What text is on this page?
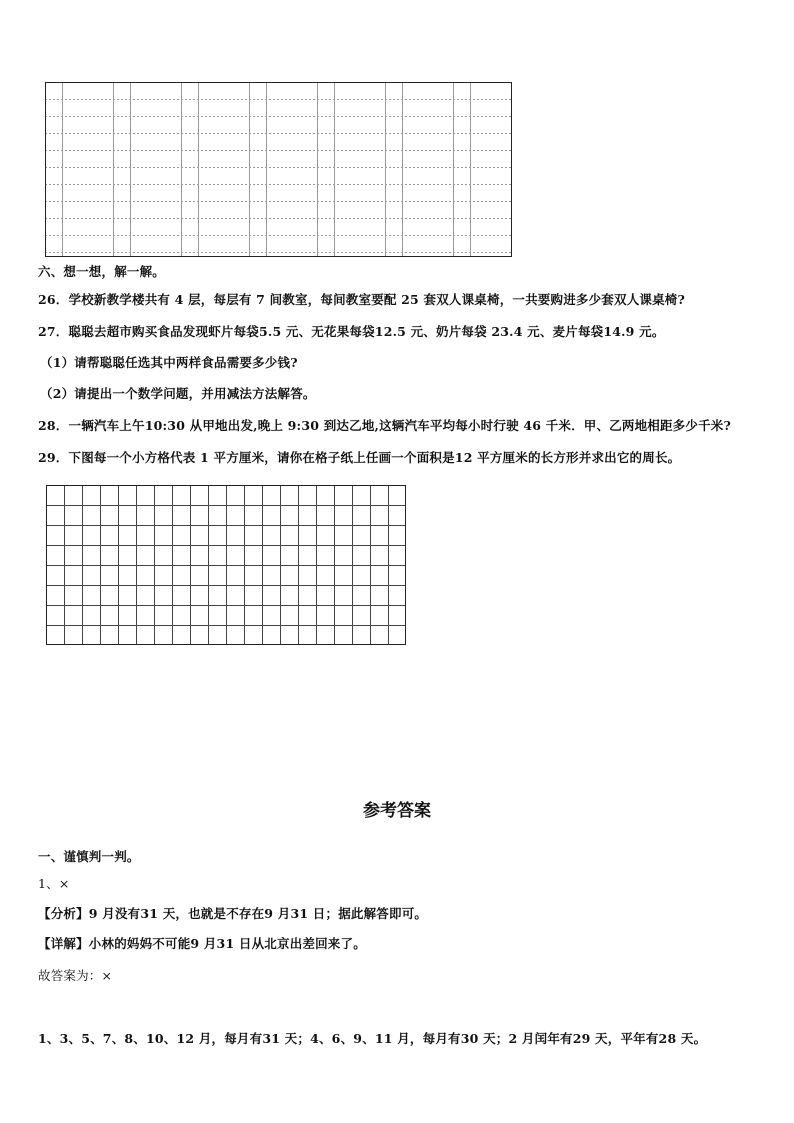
六、想一想，解一解。
26．学校新教学楼共有 4 层，每层有 7 间教室，每间教室要配 25 套双人课桌椅，一共要购进多少套双人课桌椅?
27．聪聪去超市购买食品发现虾片每袋5.5 元、无花果每袋12.5 元、奶片每袋 23.4 元、麦片每袋14.9 元。
（1）请帮聪聪任选其中两样食品需要多少钱?
（2）请提出一个数学问题，并用减法方法解答。
28．一辆汽车上午10:30 从甲地出发,晚上 9:30 到达乙地,这辆汽车平均每小时行驶 46 千米．甲、乙两地相距多少千米?
29．下图每一个小方格代表 1 平方厘米，请你在格子纸上任画一个面积是12 平方厘米的长方形并求出它的周长。
参考答案
一、谨慎判一判。
1、×
【分析】9 月没有31 天，也就是不存在9 月31 日；据此解答即可。
【详解】小林的妈妈不可能9 月31 日从北京出差回来了。
故答案为：×
1、3、5、7、8、10、12 月，每月有31 天；4、6、9、11 月，每月有30 天；2 月闰年有29 天，平年有28 天。
